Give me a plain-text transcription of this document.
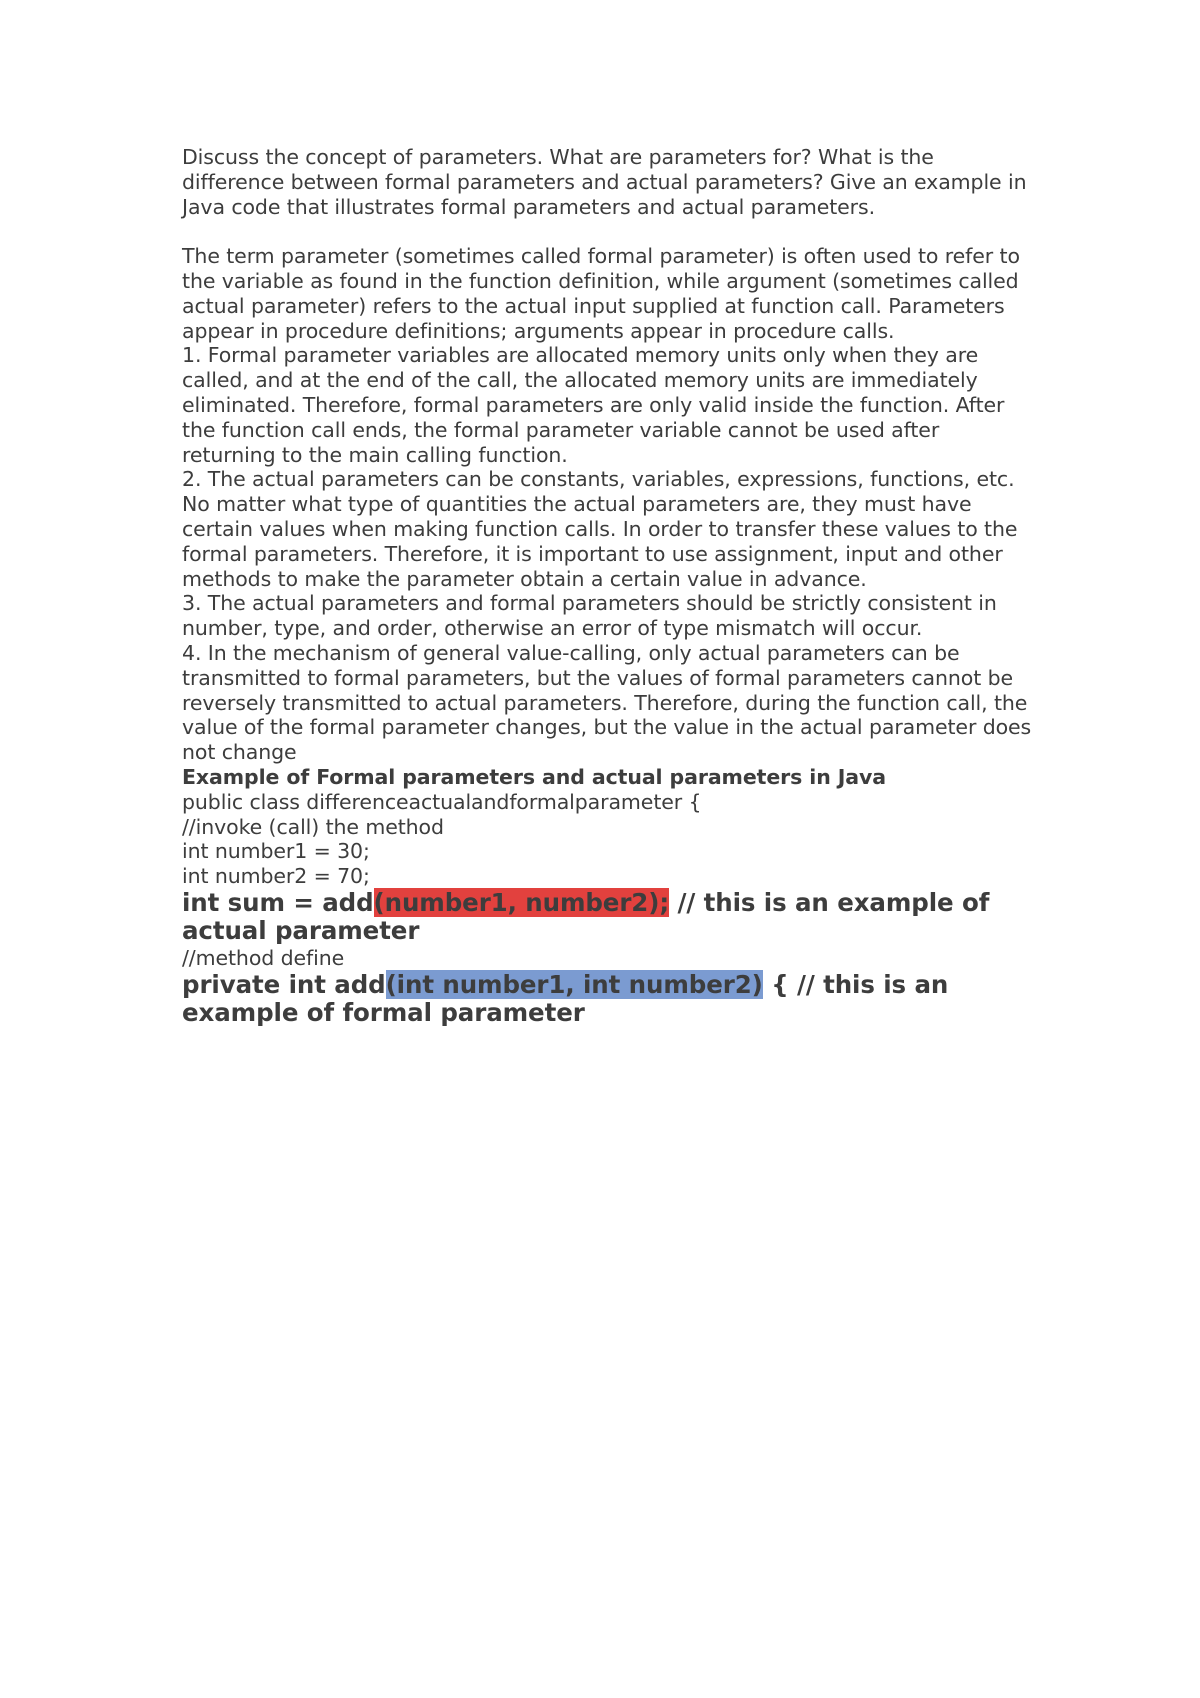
Discuss the concept of parameters. What are parameters for? What is the difference between formal parameters and actual parameters? Give an example in Java code that illustrates formal parameters and actual parameters.

The term parameter (sometimes called formal parameter) is often used to refer to the variable as found in the function definition, while argument (sometimes called actual parameter) refers to the actual input supplied at function call. Parameters appear in procedure definitions; arguments appear in procedure calls.

1. Formal parameter variables are allocated memory units only when they are called, and at the end of the call, the allocated memory units are immediately eliminated. Therefore, formal parameters are only valid inside the function. After the function call ends, the formal parameter variable cannot be used after returning to the main calling function.

2. The actual parameters can be constants, variables, expressions, functions, etc. No matter what type of quantities the actual parameters are, they must have certain values when making function calls. In order to transfer these values to the formal parameters. Therefore, it is important to use assignment, input and other methods to make the parameter obtain a certain value in advance.

3. The actual parameters and formal parameters should be strictly consistent in number, type, and order, otherwise an error of type mismatch will occur.

4. In the mechanism of general value-calling, only actual parameters can be transmitted to formal parameters, but the values of formal parameters cannot be reversely transmitted to actual parameters. Therefore, during the function call, the value of the formal parameter changes, but the value in the actual parameter does not change

Example of Formal parameters and actual parameters in Java

public class differenceactualandformalparameter {

//invoke (call) the method

int number1 = 30;

int number2 = 70;

int sum = add(number1, number2); // this is an example of actual parameter

//method define

private int add(int number1, int number2) { // this is an example of formal parameter
